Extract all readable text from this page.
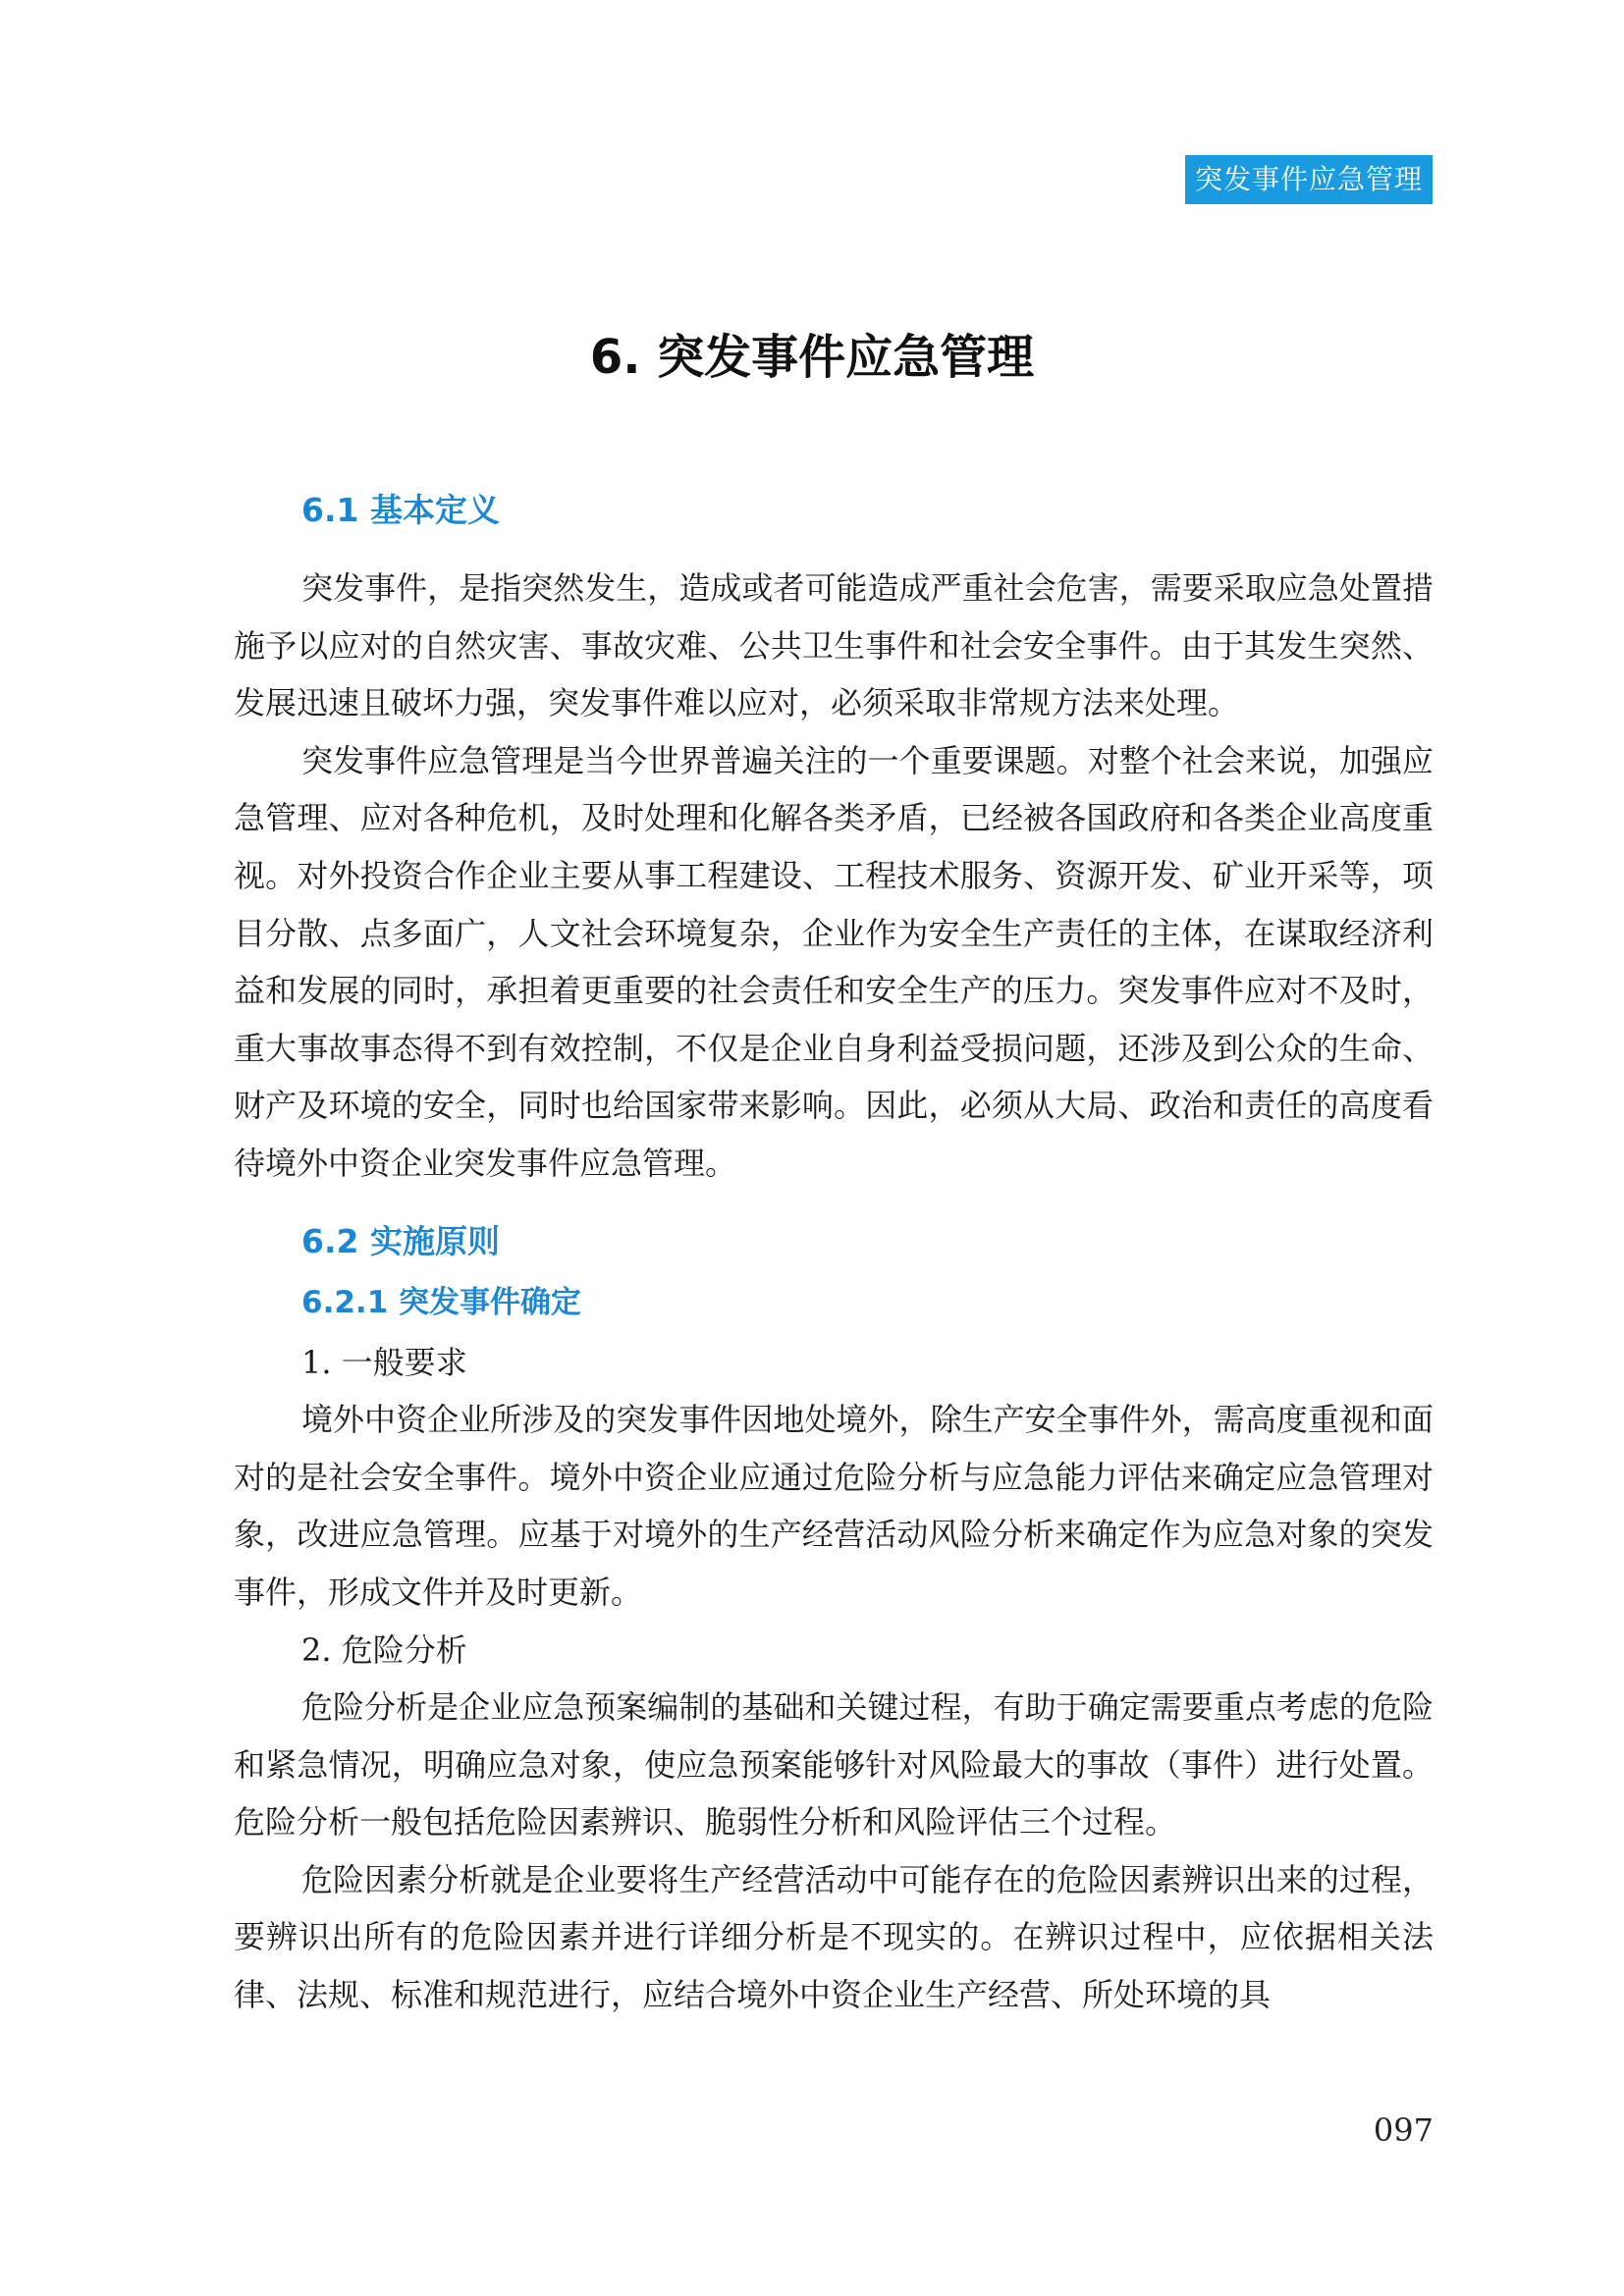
突发事件应急管理
6. 突发事件应急管理
6.1 基本定义

突发事件，是指突然发生，造成或者可能造成严重社会危害，需要采取应急处置措施予以应对的自然灾害、事故灾难、公共卫生事件和社会安全事件。由于其发生突然、发展迅速且破坏力强，突发事件难以应对，必须采取非常规方法来处理。

突发事件应急管理是当今世界普遍关注的一个重要课题。对整个社会来说，加强应急管理、应对各种危机，及时处理和化解各类矛盾，已经被各国政府和各类企业高度重视。对外投资合作企业主要从事工程建设、工程技术服务、资源开发、矿业开采等，项目分散、点多面广，人文社会环境复杂，企业作为安全生产责任的主体，在谋取经济利益和发展的同时，承担着更重要的社会责任和安全生产的压力。突发事件应对不及时，重大事故事态得不到有效控制，不仅是企业自身利益受损问题，还涉及到公众的生命、财产及环境的安全，同时也给国家带来影响。因此，必须从大局、政治和责任的高度看待境外中资企业突发事件应急管理。

6.2 实施原则
6.2.1 突发事件确定

1. 一般要求

境外中资企业所涉及的突发事件因地处境外，除生产安全事件外，需高度重视和面对的是社会安全事件。境外中资企业应通过危险分析与应急能力评估来确定应急管理对象，改进应急管理。应基于对境外的生产经营活动风险分析来确定作为应急对象的突发事件，形成文件并及时更新。

2. 危险分析

危险分析是企业应急预案编制的基础和关键过程，有助于确定需要重点考虑的危险和紧急情况，明确应急对象，使应急预案能够针对风险最大的事故（事件）进行处置。危险分析一般包括危险因素辨识、脆弱性分析和风险评估三个过程。

危险因素分析就是企业要将生产经营活动中可能存在的危险因素辨识出来的过程，要辨识出所有的危险因素并进行详细分析是不现实的。在辨识过程中，应依据相关法律、法规、标准和规范进行，应结合境外中资企业生产经营、所处环境的具

097
